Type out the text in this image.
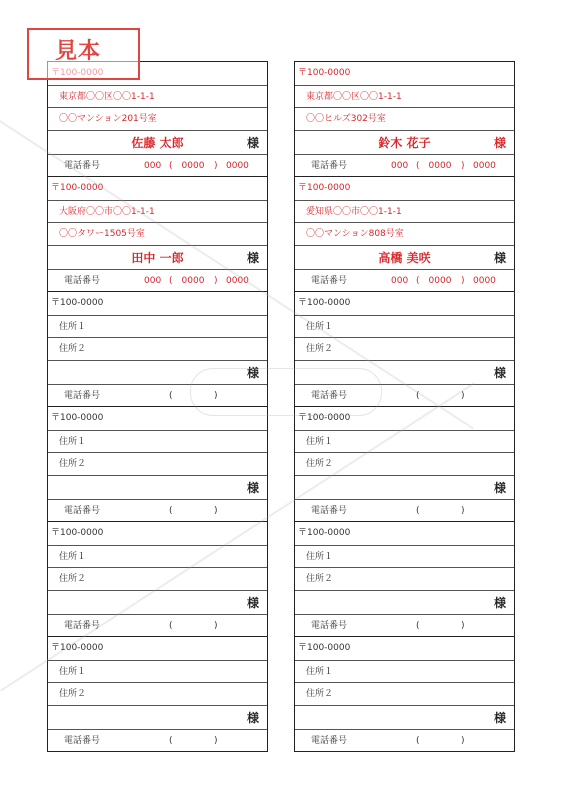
見本
東京都〇〇区〇〇1-1-1
〇〇マンション201号室
佐藤 太郎	様
電話番号	000 ( 0000 ) 0000
〒100-0000
大阪府〇〇市〇〇1-1-1
〇〇タワー1505号室
田中 一郎	様
電話番号	000 ( 0000 ) 0000
〒100-0000
住所１
住所２
様
電話番号	(	)
〒100-0000
住所１
住所２
様
電話番号	(	)
〒100-0000
住所１
住所２
様
電話番号	(	)
〒100-0000
住所１
住所２
様
電話番号	(	)
〒100-0000
東京都〇〇区〇〇1-1-1
〇〇ヒルズ302号室
鈴木 花子	様
電話番号	000 ( 0000 ) 0000
〒100-0000
愛知県〇〇市〇〇1-1-1
〇〇マンション808号室
高橋 美咲	様
電話番号	000 ( 0000 ) 0000
〒100-0000
住所１
住所２
様
電話番号	(	)
〒100-0000
住所１
住所２
様
電話番号	(	)
〒100-0000
住所１
住所２
様
電話番号	(	)
〒100-0000
住所１
住所２
様
電話番号	(	)
